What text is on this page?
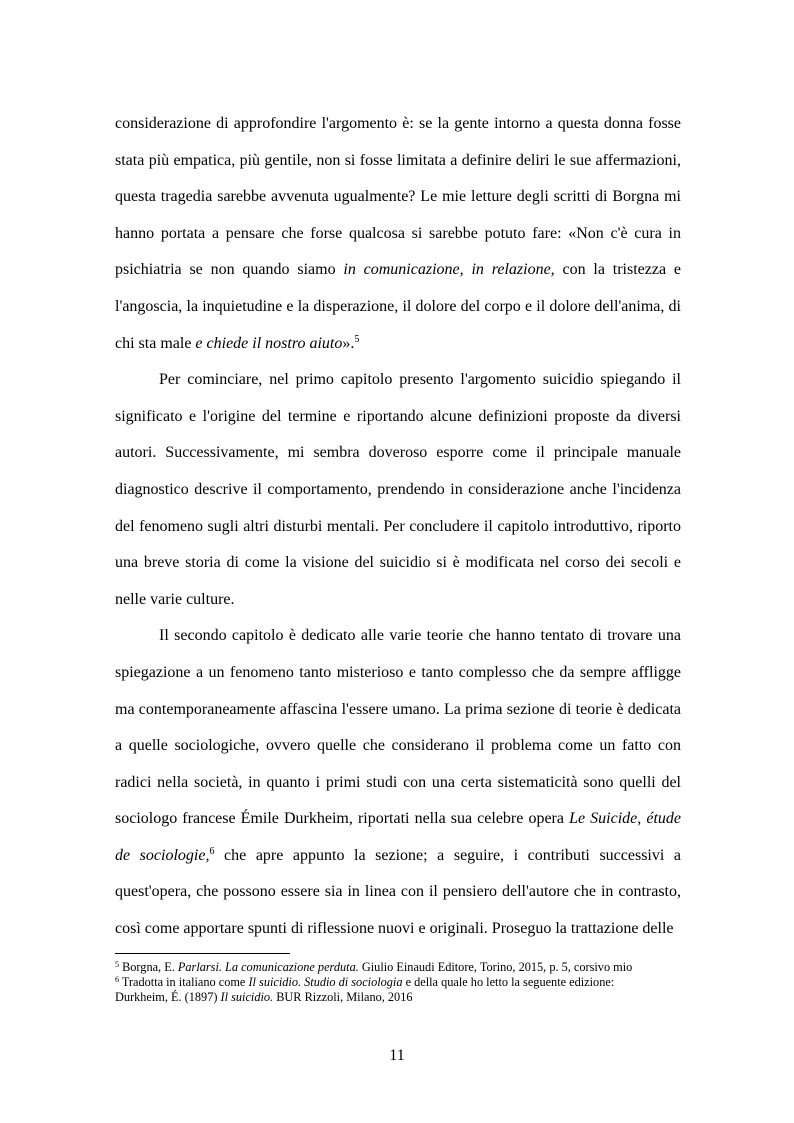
considerazione di approfondire l'argomento è: se la gente intorno a questa donna fosse stata più empatica, più gentile, non si fosse limitata a definire deliri le sue affermazioni, questa tragedia sarebbe avvenuta ugualmente? Le mie letture degli scritti di Borgna mi hanno portata a pensare che forse qualcosa si sarebbe potuto fare: «Non c'è cura in psichiatria se non quando siamo in comunicazione, in relazione, con la tristezza e l'angoscia, la inquietudine e la disperazione, il dolore del corpo e il dolore dell'anima, di chi sta male e chiede il nostro aiuto».$^5$

Per cominciare, nel primo capitolo presento l'argomento suicidio spiegando il significato e l'origine del termine e riportando alcune definizioni proposte da diversi autori. Successivamente, mi sembra doveroso esporre come il principale manuale diagnostico descrive il comportamento, prendendo in considerazione anche l'incidenza del fenomeno sugli altri disturbi mentali. Per concludere il capitolo introduttivo, riporto una breve storia di come la visione del suicidio si è modificata nel corso dei secoli e nelle varie culture.

Il secondo capitolo è dedicato alle varie teorie che hanno tentato di trovare una spiegazione a un fenomeno tanto misterioso e tanto complesso che da sempre affligge ma contemporaneamente affascina l'essere umano. La prima sezione di teorie è dedicata a quelle sociologiche, ovvero quelle che considerano il problema come un fatto con radici nella società, in quanto i primi studi con una certa sistematicità sono quelli del sociologo francese Émile Durkheim, riportati nella sua celebre opera Le Suicide, étude de sociologie,$^6$ che apre appunto la sezione; a seguire, i contributi successivi a quest'opera, che possono essere sia in linea con il pensiero dell'autore che in contrasto, così come apportare spunti di riflessione nuovi e originali. Proseguo la trattazione delle

$^5$ Borgna, E. Parlarsi. La comunicazione perduta. Giulio Einaudi Editore, Torino, 2015, p. 5, corsivo mio

$^6$ Tradotta in italiano come Il suicidio. Studio di sociologia e della quale ho letto la seguente edizione:
Durkheim, É. (1897) Il suicidio. BUR Rizzoli, Milano, 2016

11
